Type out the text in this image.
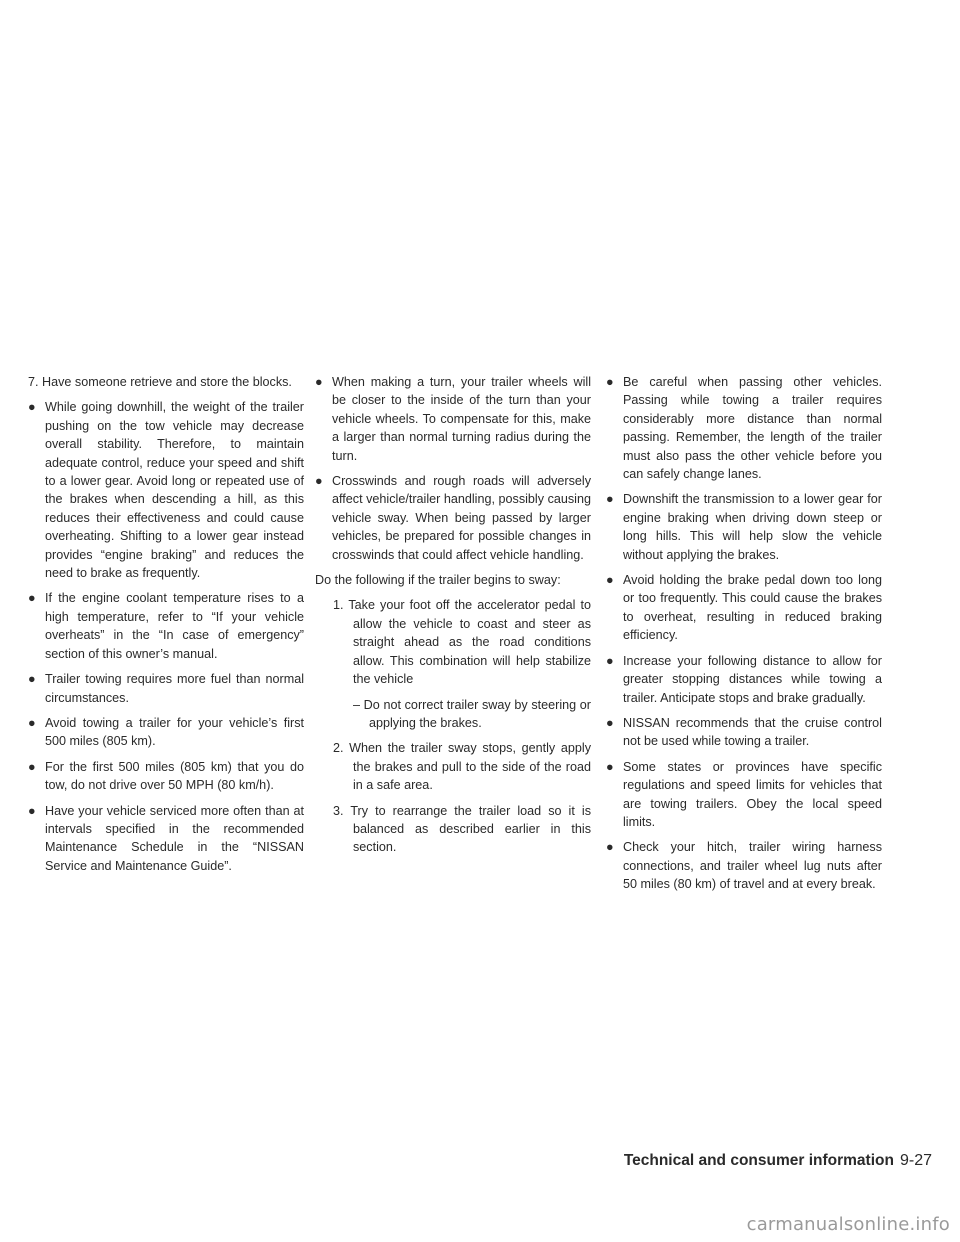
7. Have someone retrieve and store the blocks.

● While going downhill, the weight of the trailer pushing on the tow vehicle may decrease overall stability. Therefore, to maintain adequate control, reduce your speed and shift to a lower gear. Avoid long or repeated use of the brakes when descending a hill, as this reduces their effectiveness and could cause overheating. Shifting to a lower gear instead provides “engine braking” and reduces the need to brake as frequently.

● If the engine coolant temperature rises to a high temperature, refer to “If your vehicle overheats” in the “In case of emergency” section of this owner’s manual.

● Trailer towing requires more fuel than normal circumstances.

● Avoid towing a trailer for your vehicle’s first 500 miles (805 km).

● For the first 500 miles (805 km) that you do tow, do not drive over 50 MPH (80 km/h).

● Have your vehicle serviced more often than at intervals specified in the recommended Maintenance Schedule in the “NISSAN Service and Maintenance Guide”.

● When making a turn, your trailer wheels will be closer to the inside of the turn than your vehicle wheels. To compensate for this, make a larger than normal turning radius during the turn.

● Crosswinds and rough roads will adversely affect vehicle/trailer handling, possibly causing vehicle sway. When being passed by larger vehicles, be prepared for possible changes in crosswinds that could affect vehicle handling.

Do the following if the trailer begins to sway:

1. Take your foot off the accelerator pedal to allow the vehicle to coast and steer as straight ahead as the road conditions allow. This combination will help stabilize the vehicle

– Do not correct trailer sway by steering or applying the brakes.

2. When the trailer sway stops, gently apply the brakes and pull to the side of the road in a safe area.

3. Try to rearrange the trailer load so it is balanced as described earlier in this section.

● Be careful when passing other vehicles. Passing while towing a trailer requires considerably more distance than normal passing. Remember, the length of the trailer must also pass the other vehicle before you can safely change lanes.

● Downshift the transmission to a lower gear for engine braking when driving down steep or long hills. This will help slow the vehicle without applying the brakes.

● Avoid holding the brake pedal down too long or too frequently. This could cause the brakes to overheat, resulting in reduced braking efficiency.

● Increase your following distance to allow for greater stopping distances while towing a trailer. Anticipate stops and brake gradually.

● NISSAN recommends that the cruise control not be used while towing a trailer.

● Some states or provinces have specific regulations and speed limits for vehicles that are towing trailers. Obey the local speed limits.

● Check your hitch, trailer wiring harness connections, and trailer wheel lug nuts after 50 miles (80 km) of travel and at every break.

Technical and consumer information 9-27
carmanualsonline.info
